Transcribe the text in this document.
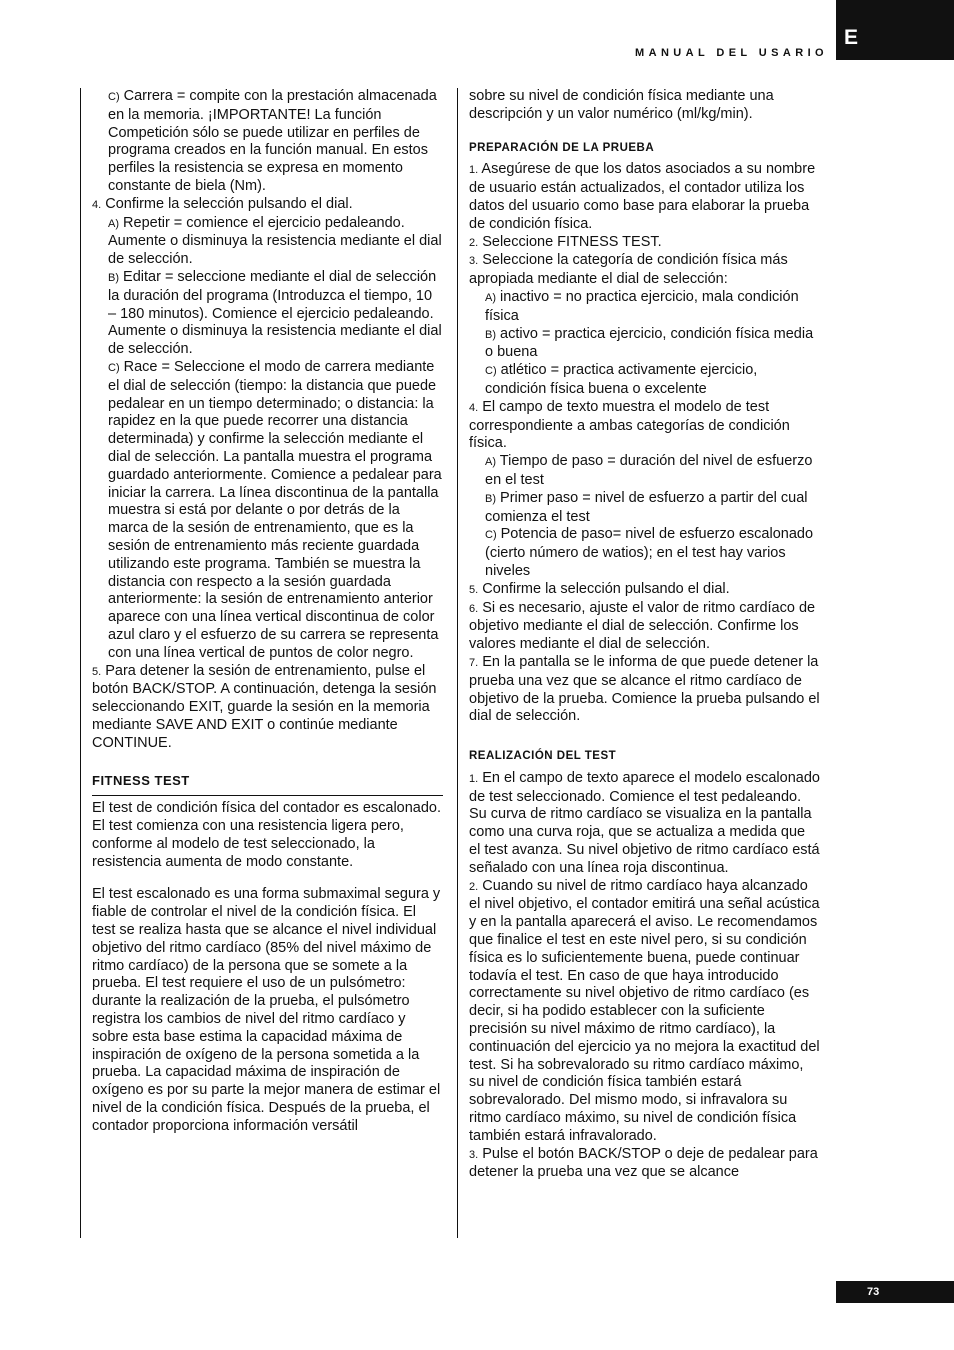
MANUAL DEL USARIO
E

C) Carrera = compite con la prestación almacenada en la memoria. ¡IMPORTANTE! La función Competición sólo se puede utilizar en perfiles de programa creados en la función manual. En estos perfiles la resistencia se expresa en momento constante de biela (Nm).

4. Confirme la selección pulsando el dial.

A) Repetir = comience el ejercicio pedaleando. Aumente o disminuya la resistencia mediante el dial de selección.

B) Editar = seleccione mediante el dial de selección la duración del programa (Introduzca el tiempo, 10 – 180 minutos). Comience el ejercicio pedaleando. Aumente o disminuya la resistencia mediante el dial de selección.

C) Race = Seleccione el modo de carrera mediante el dial de selección (tiempo: la distancia que puede pedalear en un tiempo determinado; o distancia: la rapidez en la que puede recorrer una distancia determinada) y confirme la selección mediante el dial de selección. La pantalla muestra el programa guardado anteriormente. Comience a pedalear para iniciar la carrera. La línea discontinua de la pantalla muestra si está por delante o por detrás de la marca de la sesión de entrenamiento, que es la sesión de entrenamiento más reciente guardada utilizando este programa. También se muestra la distancia con respecto a la sesión guardada anteriormente: la sesión de entrenamiento anterior aparece con una línea vertical discontinua de color azul claro y el esfuerzo de su carrera se representa con una línea vertical de puntos de color negro.

5. Para detener la sesión de entrenamiento, pulse el botón BACK/STOP. A continuación, detenga la sesión seleccionando EXIT, guarde la sesión en la memoria mediante SAVE AND EXIT o continúe mediante CONTINUE.

FITNESS TEST

El test de condición física del contador es escalonado. El test comienza con una resistencia ligera pero, conforme al modelo de test seleccionado, la resistencia aumenta de modo constante.

El test escalonado es una forma submaximal segura y fiable de controlar el nivel de la condición física. El test se realiza hasta que se alcance el nivel individual objetivo del ritmo cardíaco (85% del nivel máximo de ritmo cardíaco) de la persona que se somete a la prueba. El test requiere el uso de un pulsómetro: durante la realización de la prueba, el pulsómetro registra los cambios de nivel del ritmo cardíaco y sobre esta base estima la capacidad máxima de inspiración de oxígeno de la persona sometida a la prueba. La capacidad máxima de inspiración de oxígeno es por su parte la mejor manera de estimar el nivel de la condición física. Después de la prueba, el contador proporciona información versátil

sobre su nivel de condición física mediante una descripción y un valor numérico (ml/kg/min).

PREPARACIÓN DE LA PRUEBA

1. Asegúrese de que los datos asociados a su nombre de usuario están actualizados, el contador utiliza los datos del usuario como base para elaborar la prueba de condición física.

2. Seleccione FITNESS TEST.

3. Seleccione la categoría de condición física más apropiada mediante el dial de selección:

A) inactivo = no practica ejercicio, mala condición física

B) activo = practica ejercicio, condición física media o buena

C) atlético = practica activamente ejercicio, condición física buena o excelente

4. El campo de texto muestra el modelo de test correspondiente a ambas categorías de condición física.

A) Tiempo de paso = duración del nivel de esfuerzo en el test

B) Primer paso = nivel de esfuerzo a partir del cual comienza el test

C) Potencia de paso= nivel de esfuerzo escalonado (cierto número de watios); en el test hay varios niveles

5. Confirme la selección pulsando el dial.

6. Si es necesario, ajuste el valor de ritmo cardíaco de objetivo mediante el dial de selección. Confirme los valores mediante el dial de selección.

7. En la pantalla se le informa de que puede detener la prueba una vez que se alcance el ritmo cardíaco de objetivo de la prueba. Comience la prueba pulsando el dial de selección.

REALIZACIÓN DEL TEST

1. En el campo de texto aparece el modelo escalonado de test seleccionado. Comience el test pedaleando. Su curva de ritmo cardíaco se visualiza en la pantalla como una curva roja, que se actualiza a medida que el test avanza. Su nivel objetivo de ritmo cardíaco está señalado con una línea roja discontinua.

2. Cuando su nivel de ritmo cardíaco haya alcanzado el nivel objetivo, el contador emitirá una señal acústica y en la pantalla aparecerá el aviso. Le recomendamos que finalice el test en este nivel pero, si su condición física es lo suficientemente buena, puede continuar todavía el test. En caso de que haya introducido correctamente su nivel objetivo de ritmo cardíaco (es decir, si ha podido establecer con la suficiente precisión su nivel máximo de ritmo cardíaco), la continuación del ejercicio ya no mejora la exactitud del test. Si ha sobrevalorado su ritmo cardíaco máximo, su nivel de condición física también estará sobrevalorado. Del mismo modo, si infravalora su ritmo cardíaco máximo, su nivel de condición física también estará infravalorado.

3. Pulse el botón BACK/STOP o deje de pedalear para detener la prueba una vez que se alcance

73
